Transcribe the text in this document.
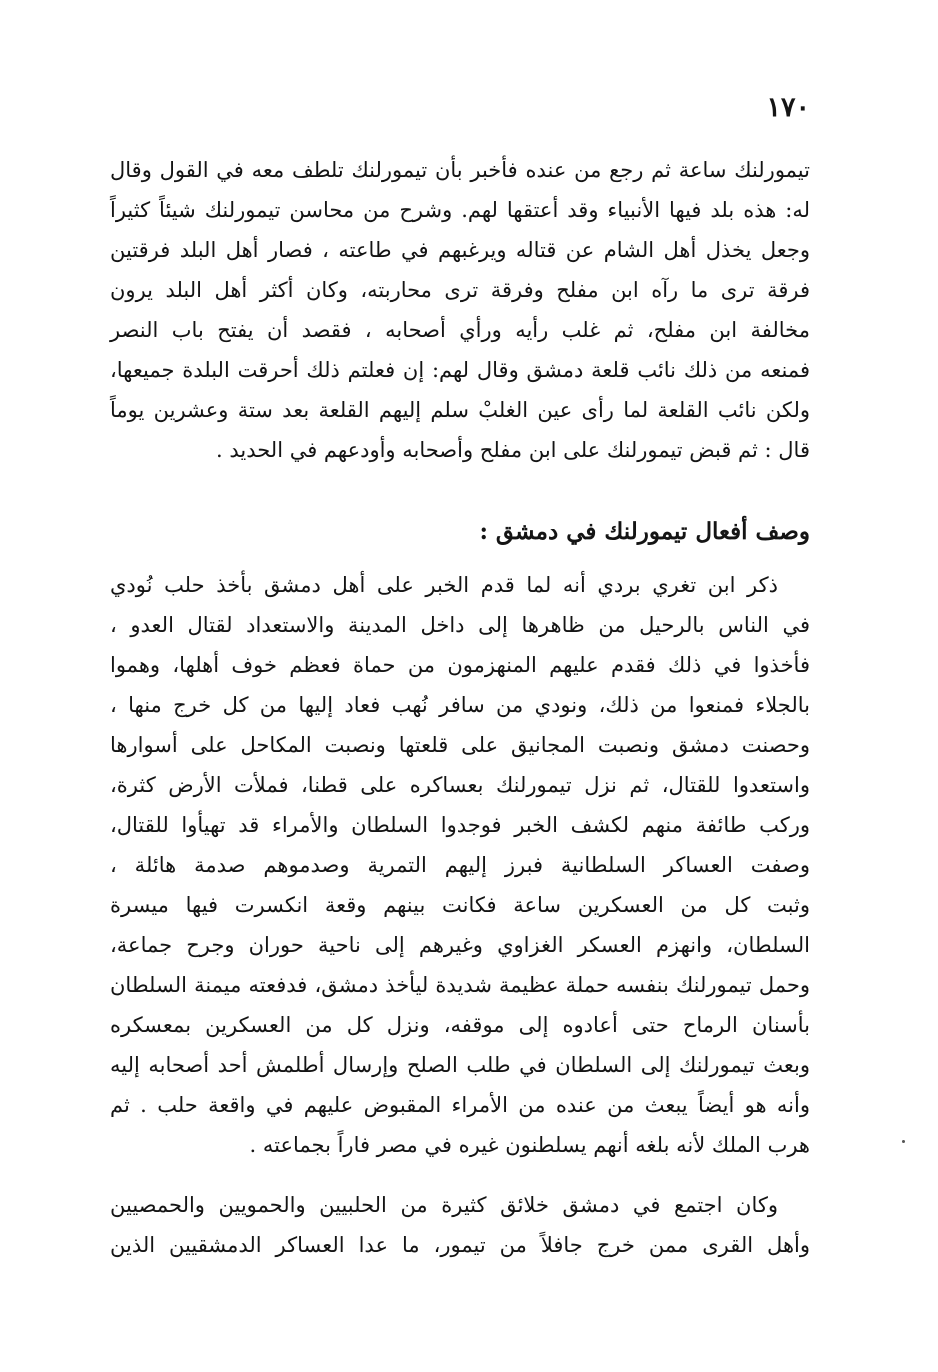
١٧٠
تيمورلنك ساعة ثم رجع من عنده فأخبر بأن تيمورلنك تلطف معه في القول وقال
له: هذه بلد فيها الأنبياء وقد أعتقها لهم. وشرح من محاسن تيمورلنك شيئاً كثيراً
وجعل يخذل أهل الشام عن قتاله ويرغبهم في طاعته ، فصار أهل البلد فرقتين
فرقة ترى ما رآه ابن مفلح وفرقة ترى محاربته، وكان أكثر أهل البلد يرون
مخالفة ابن مفلح، ثم غلب رأيه ورأي أصحابه ، فقصد أن يفتح باب النصر
فمنعه من ذلك نائب قلعة دمشق وقال لهم: إن فعلتم ذلك أحرقت البلدة جميعها،
ولكن نائب القلعة لما رأى عين الغلبْ سلم إليهم القلعة بعد ستة وعشرين يوماً
قال : ثم قبض تيمورلنك على ابن مفلح وأصحابه وأودعهم في الحديد .
وصف أفعال تيمورلنك في دمشق :
ذكر ابن تغري بردي أنه لما قدم الخبر على أهل دمشق بأخذ حلب نُودي
في الناس بالرحيل من ظاهرها إلى داخل المدينة والاستعداد لقتال العدو ،
فأخذوا في ذلك فقدم عليهم المنهزمون من حماة فعظم خوف أهلها، وهموا
بالجلاء فمنعوا من ذلك، ونودي من سافر نُهب فعاد إليها من كل خرج منها ،
وحصنت دمشق ونصبت المجانيق على قلعتها ونصبت المكاحل على أسوارها
واستعدوا للقتال، ثم نزل تيمورلنك بعساكره على قطنا، فملأت الأرض كثرة،
وركب طائفة منهم لكشف الخبر فوجدوا السلطان والأمراء قد تهيأوا للقتال،
وصفت العساكر السلطانية فبرز إليهم التمرية وصدموهم صدمة هائلة ،
وثبت كل من العسكرين ساعة فكانت بينهم وقعة انكسرت فيها ميسرة
السلطان، وانهزم العسكر الغزاوي وغيرهم إلى ناحية حوران وجرح جماعة،
وحمل تيمورلنك بنفسه حملة عظيمة شديدة ليأخذ دمشق، فدفعته ميمنة السلطان
بأسنان الرماح حتى أعادوه إلى موقفه، ونزل كل من العسكرين بمعسكره
وبعث تيمورلنك إلى السلطان في طلب الصلح وإرسال أطلمش أحد أصحابه إليه
وأنه هو أيضاً يبعث من عنده من الأمراء المقبوض عليهم في واقعة حلب . ثم
هرب الملك لأنه بلغه أنهم يسلطنون غيره في مصر فاراً بجماعته .
وكان اجتمع في دمشق خلائق كثيرة من الحلبيين والحمويين والحمصيين
وأهل القرى ممن خرج جافلاً من تيمور، ما عدا العساكر الدمشقيين الذين
